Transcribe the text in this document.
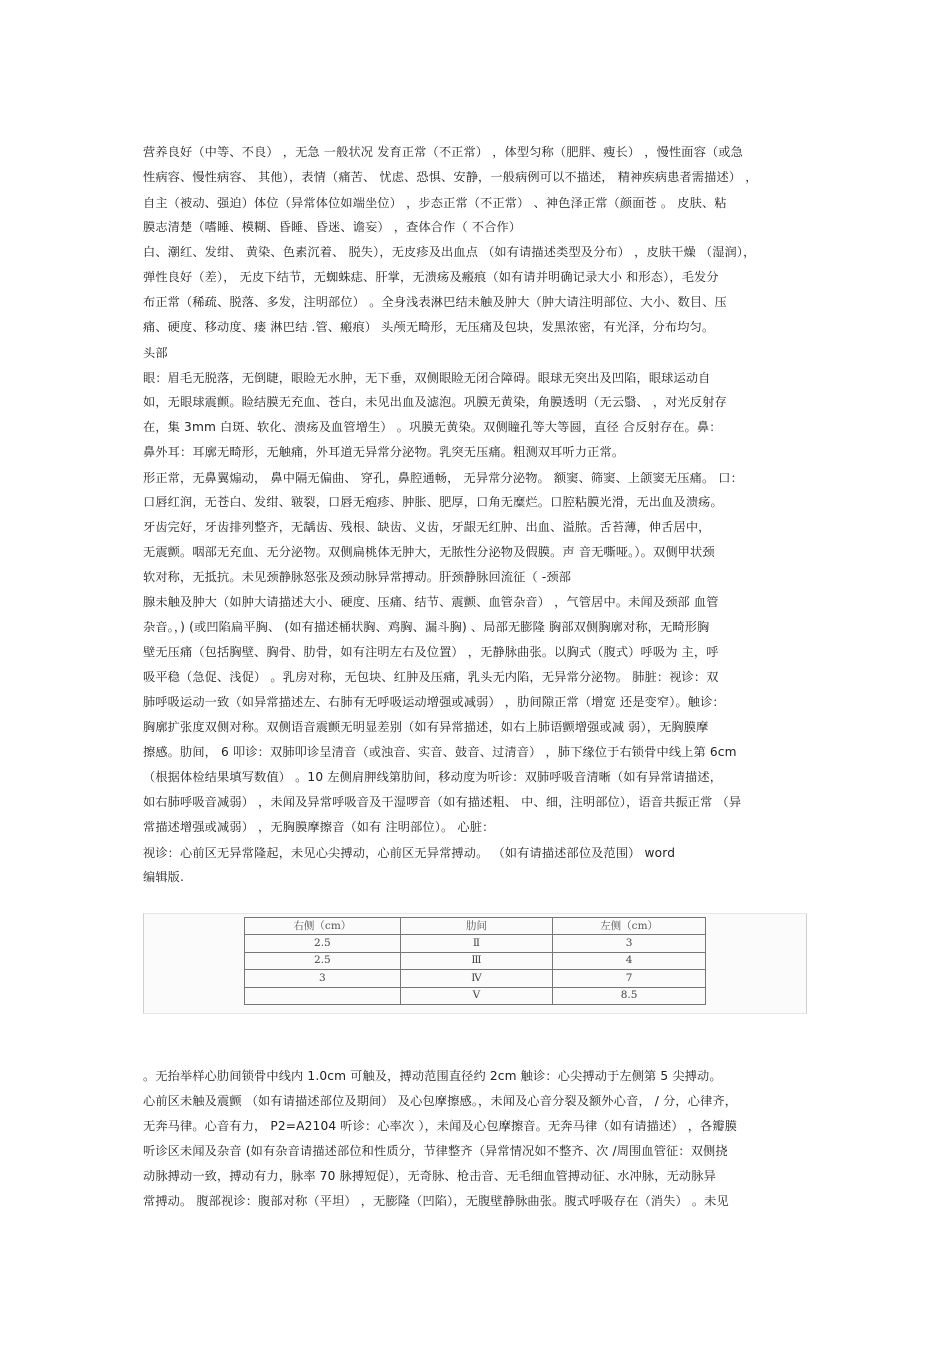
营养良好（中等、不良） ，无急 一般状况 发育正常（不正常） ，体型匀称（肥胖、瘦长） ，慢性面容（或急
性病容、慢性病容、 其他），表情（痛苦、 忧虑、恐惧、安静，一般病例可以不描述， 精神疾病患者需描述） ，
自主（被动、强迫）体位（异常体位如端坐位） ，步态正常（不正常） 、神色泽正常（颜面苍 。 皮肤、粘
膜志清楚（嗜睡、模糊、昏睡、昏迷、谵妄） ，查体合作（ 不合作）
白、潮红、发绀、 黄染、色素沉着、 脱失），无皮疹及出血点 （如有请描述类型及分布） ，皮肤干燥 （湿润），
弹性良好（差）， 无皮下结节，无蜘蛛痣、肝掌，无溃疡及瘢痕（如有请并明确记录大小 和形态），毛发分
布正常（稀疏、脱落、多发，注明部位） 。全身浅表淋巴结未触及肿大（肿大请注明部位、大小、数目、压
痛、硬度、移动度、瘘 淋巴结 .管、瘢痕） 头颅无畸形，无压痛及包块，发黑浓密，有光泽，分布均匀。
头部
眼：眉毛无脱落，无倒睫，眼睑无水肿，无下垂，双侧眼睑无闭合障碍。眼球无突出及凹陷，眼球运动自
如，无眼球震颤。睑结膜无充血、苍白，未见出血及滤泡。巩膜无黄染，角膜透明（无云翳、 ，对光反射存
在，集 3mm 白斑、软化、溃疡及血管增生） 。巩膜无黄染。双侧瞳孔等大等圆，直径 合反射存在。鼻：
鼻外耳：耳廓无畸形，无触痛，外耳道无异常分泌物。乳突无压痛。粗测双耳听力正常。
形正常，无鼻翼煽动， 鼻中隔无偏曲、 穿孔，鼻腔通畅， 无异常分泌物。 额窦、筛窦、上颌窦无压痛。 口：
口唇红润，无苍白、发绀、皲裂，口唇无疱疹、肿胀、肥厚，口角无糜烂。口腔粘膜光滑，无出血及溃疡。
牙齿完好，牙齿排列整齐，无龋齿、残根、缺齿、义齿，牙龈无红肿、出血、溢脓。舌苔薄，伸舌居中，
无震颤。咽部无充血、无分泌物。双侧扁桃体无肿大，无脓性分泌物及假膜。声 音无嘶哑。）。双侧甲状颈
软对称，无抵抗。未见颈静脉怒张及颈动脉异常搏动。肝颈静脉回流征（ -颈部
腺未触及肿大（如肿大请描述大小、硬度、压痛、结节、震颤、血管杂音） ，气管居中。未闻及颈部 血管
杂音。，) (或凹陷扁平胸、 (如有描述桶状胸、鸡胸、漏斗胸) 、局部无膨隆 胸部双侧胸廓对称，无畸形胸
壁无压痛（包括胸壁、胸骨、肋骨，如有注明左右及位置） ，无静脉曲张。以胸式（腹式）呼吸为 主，呼
吸平稳（急促、浅促） 。乳房对称，无包块、红肿及压痛，乳头无内陷，无异常分泌物。 肺脏：视诊：双
肺呼吸运动一致（如异常描述左、右肺有无呼吸运动增强或减弱） ，肋间隙正常（增宽 还是变窄）。触诊：
胸廓扩张度双侧对称。双侧语音震颤无明显差别（如有异常描述，如右上肺语颤增强或减 弱），无胸膜摩
擦感。肋间， 6 叩诊：双肺叩诊呈清音（或浊音、实音、鼓音、过清音） ，肺下缘位于右锁骨中线上第 6cm
（根据体检结果填写数值） 。10 左侧肩胛线第肋间，移动度为听诊：双肺呼吸音清晰（如有异常请描述，
如右肺呼吸音减弱） ，未闻及异常呼吸音及干湿啰音（如有描述粗、 中、细，注明部位），语音共振正常 （异
常描述增强或减弱） ，无胸膜摩擦音（如有 注明部位）。 心脏：
视诊：心前区无异常隆起，未见心尖搏动，心前区无异常搏动。 （如有请描述部位及范围） word
编辑版.
右侧（cm）	肋间	左侧（cm）
2.5	Ⅱ	3
2.5	Ⅲ	4
3	Ⅳ	7
	Ⅴ	8.5
。无抬举样心肋间锁骨中线内 1.0cm 可触及，搏动范围直径约 2cm 触诊：心尖搏动于左侧第 5 尖搏动。
心前区未触及震颤 （如有请描述部位及期间） 及心包摩擦感。，未闻及心音分裂及额外心音， / 分，心律齐，
无奔马律。心音有力， P2=A2104 听诊：心率次 ），未闻及心包摩擦音。无奔马律（如有请描述） ，各瓣膜
听诊区未闻及杂音 (如有杂音请描述部位和性质分，节律整齐（异常情况如不整齐、次 /周围血管征：双侧挠
动脉搏动一致，搏动有力，脉率 70 脉搏短促），无奇脉、枪击音、无毛细血管搏动征、水冲脉，无动脉异
常搏动。 腹部视诊：腹部对称（平坦） ，无膨隆（凹陷），无腹壁静脉曲张。腹式呼吸存在（消失） 。未见
